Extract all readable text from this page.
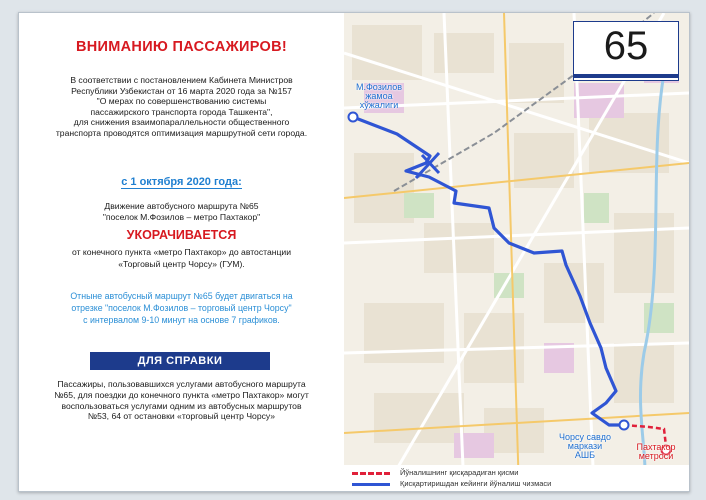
ВНИМАНИЮ ПАССАЖИРОВ!
В соответствии с постановлением Кабинета Министров
Республики Узбекистан от 16 марта 2020 года за №157
"О мерах по совершенствованию системы
пассажирского транспорта города Ташкента",
для снижения взаимопараллельности общественного
транспорта проводятся оптимизация маршрутной сети города.
с 1 октября 2020 года:
Движение автобусного маршрута №65
"поселок М.Фозилов – метро Пахтакор"
УКОРАЧИВАЕТСЯ
от конечного пункта «метро Пахтакор» до автостанции
«Торговый центр Чорсу» (ГУМ).
Отныне автобусный маршрут №65 будет двигаться на
отрезке "поселок М.Фозилов – торговый центр Чорсу"
с интервалом 9-10 минут на основе 7 графиков.
ДЛЯ СПРАВКИ
Пассажиры, пользовавшихся услугами автобусного маршрута
№65, для поездки до конечного пункта «метро Пахтакор» могут
воспользоваться услугами одним из автобусных маршрутов
№53, 64 от остановки «торговый центр Чорсу»
65
М.Фозилов
жамоа
хўжалиги
Чорсу савдо
маркази
АШБ
Пахтакор
метроси
Йўналишнинг қисқарадиган қисми
Қисқартиришдан кейинги йўналиш чизмаси
